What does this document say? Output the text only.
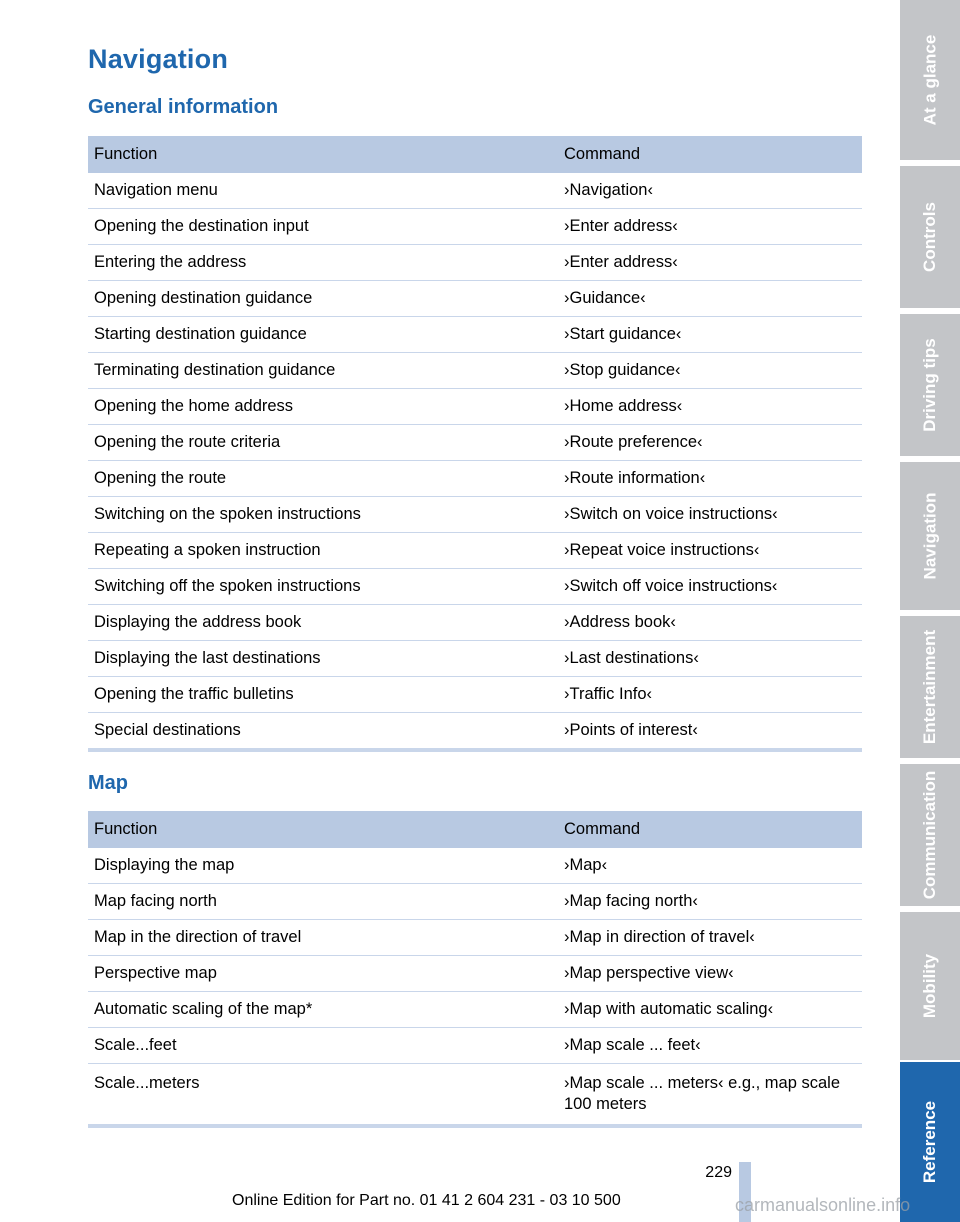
Navigation
General information
Function	Command
Navigation menu	›Navigation‹
Opening the destination input	›Enter address‹
Entering the address	›Enter address‹
Opening destination guidance	›Guidance‹
Starting destination guidance	›Start guidance‹
Terminating destination guidance	›Stop guidance‹
Opening the home address	›Home address‹
Opening the route criteria	›Route preference‹
Opening the route	›Route information‹
Switching on the spoken instructions	›Switch on voice instructions‹
Repeating a spoken instruction	›Repeat voice instructions‹
Switching off the spoken instructions	›Switch off voice instructions‹
Displaying the address book	›Address book‹
Displaying the last destinations	›Last destinations‹
Opening the traffic bulletins	›Traffic Info‹
Special destinations	›Points of interest‹
Map
Function	Command
Displaying the map	›Map‹
Map facing north	›Map facing north‹
Map in the direction of travel	›Map in direction of travel‹
Perspective map	›Map perspective view‹
Automatic scaling of the map*	›Map with automatic scaling‹
Scale...feet	›Map scale ... feet‹
Scale...meters	›Map scale ... meters‹ e.g., map scale 100 meters
At a glance
Controls
Driving tips
Navigation
Entertainment
Communication
Mobility
Reference
229
Online Edition for Part no. 01 41 2 604 231 - 03 10 500	carmanualsonline.info
